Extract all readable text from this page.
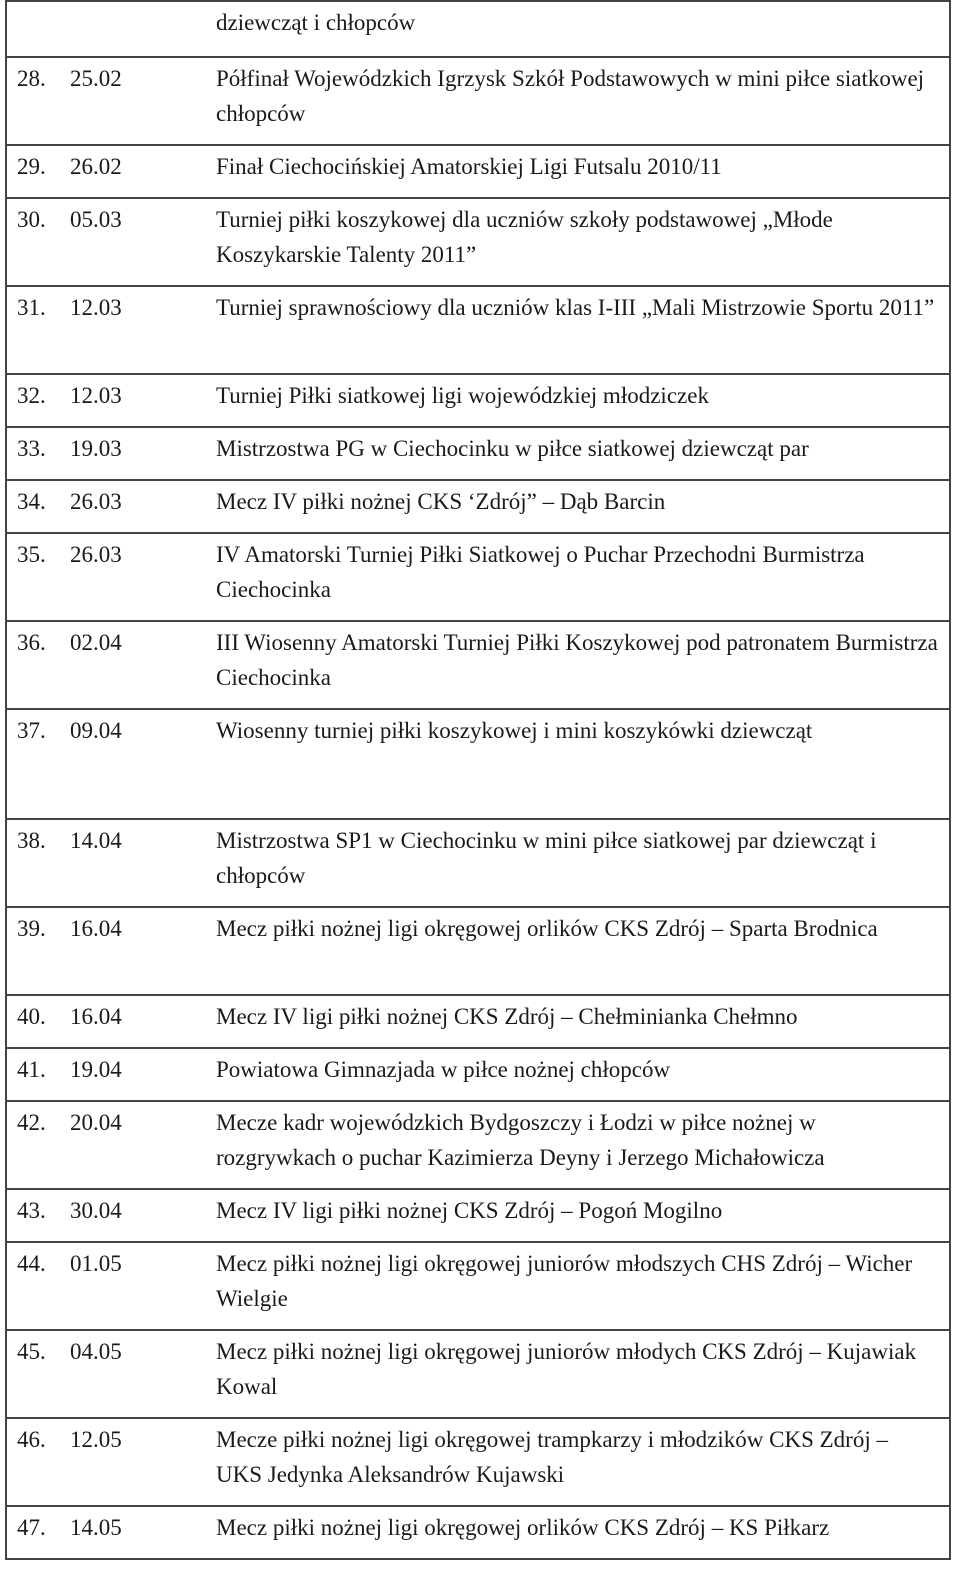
		dziewcząt i chłopców
28.	25.02	Półfinał Wojewódzkich Igrzysk Szkół Podstawowych w mini piłce siatkowej chłopców
29.	26.02	Finał Ciechocińskiej Amatorskiej Ligi Futsalu 2010/11
30.	05.03	Turniej piłki koszykowej dla uczniów szkoły podstawowej „Młode Koszykarskie Talenty 2011”
31.	12.03	Turniej sprawnościowy dla uczniów klas I-III „Mali Mistrzowie Sportu 2011”
32.	12.03	Turniej Piłki siatkowej ligi wojewódzkiej młodziczek
33.	19.03	Mistrzostwa PG w Ciechocinku w piłce siatkowej dziewcząt par
34.	26.03	Mecz IV piłki nożnej CKS ‘Zdrój” – Dąb Barcin
35.	26.03	IV Amatorski Turniej Piłki Siatkowej o Puchar Przechodni Burmistrza Ciechocinka
36.	02.04	III Wiosenny Amatorski Turniej Piłki Koszykowej pod patronatem Burmistrza Ciechocinka
37.	09.04	Wiosenny turniej piłki koszykowej i mini koszykówki dziewcząt
38.	14.04	Mistrzostwa SP1 w Ciechocinku w mini piłce siatkowej par dziewcząt i chłopców
39.	16.04	Mecz piłki nożnej ligi okręgowej orlików CKS Zdrój – Sparta Brodnica
40.	16.04	Mecz IV ligi piłki nożnej CKS Zdrój – Chełminianka Chełmno
41.	19.04	Powiatowa Gimnazjada w piłce nożnej chłopców
42.	20.04	Mecze kadr wojewódzkich Bydgoszczy i Łodzi w piłce nożnej w rozgrywkach o puchar Kazimierza Deyny i Jerzego Michałowicza
43.	30.04	Mecz IV ligi piłki nożnej CKS Zdrój – Pogoń Mogilno
44.	01.05	Mecz piłki nożnej ligi okręgowej juniorów młodszych CHS Zdrój – Wicher Wielgie
45.	04.05	Mecz piłki nożnej ligi okręgowej juniorów młodych CKS Zdrój – Kujawiak Kowal
46.	12.05	Mecze piłki nożnej ligi okręgowej trampkarzy i młodzików CKS Zdrój – UKS Jedynka Aleksandrów Kujawski
47.	14.05	Mecz piłki nożnej ligi okręgowej orlików CKS Zdrój – KS Piłkarz
